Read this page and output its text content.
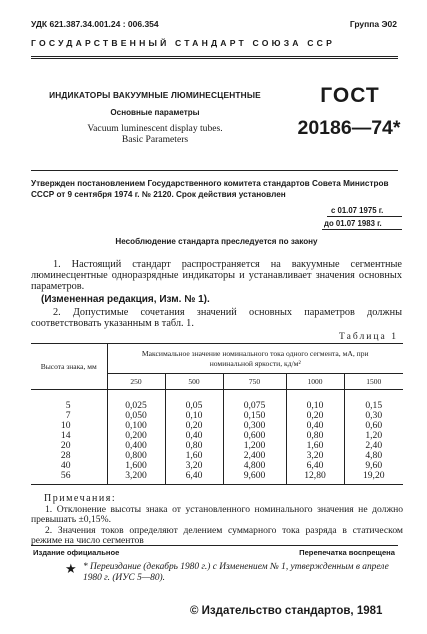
УДК 621.387.34.001.24 : 006.354	Группа Э02
ГОСУДАРСТВЕННЫЙ СТАНДАРТ СОЮЗА ССР
ИНДИКАТОРЫ ВАКУУМНЫЕ ЛЮМИНЕСЦЕНТНЫЕ
Основные параметры
Vacuum luminescent display tubes.
Basic Parameters
ГОСТ
20186—74*
Утвержден постановлением Государственного комитета стандартов Совета Министров СССР от 9 сентября 1974 г. № 2120. Срок действия установлен
с 01.07 1975 г.
до 01.07 1983 г.
Несоблюдение стандарта преследуется по закону
1. Настоящий стандарт распространяется на вакуумные сегментные люминесцентные одноразрядные индикаторы и устанавливает значения основных параметров.
(Измененная редакция, Изм. № 1).
2. Допустимые сочетания значений основных параметров должны соответствовать указанным в табл. 1.
Таблица 1
Высота знака, мм	Максимальное значение номинального тока одного сегмента, мА, при номинальной яркости, кд/м²				
	250	500	750	1000	1500

5	0,025	0,05	0,075	0,10	0,15
7	0,050	0,10	0,150	0,20	0,30
10	0,100	0,20	0,300	0,40	0,60
14	0,200	0,40	0,600	0,80	1,20
20	0,400	0,80	1,200	1,60	2,40
28	0,800	1,60	2,400	3,20	4,80
40	1,600	3,20	4,800	6,40	9,60
56	3,200	6,40	9,600	12,80	19,20

Примечания:
1. Отклонение высоты знака от установленного номинального значения не должно превышать ±0,15%.
2. Значения токов определяют делением суммарного тока разряда в статическом режиме на число сегментов
Издание официальное	Перепечатка воспрещена
★ * Переиздание (декабрь 1980 г.) с Изменением № 1, утвержденным в апреле 1980 г. (ИУС 5—80).
© Издательство стандартов, 1981
